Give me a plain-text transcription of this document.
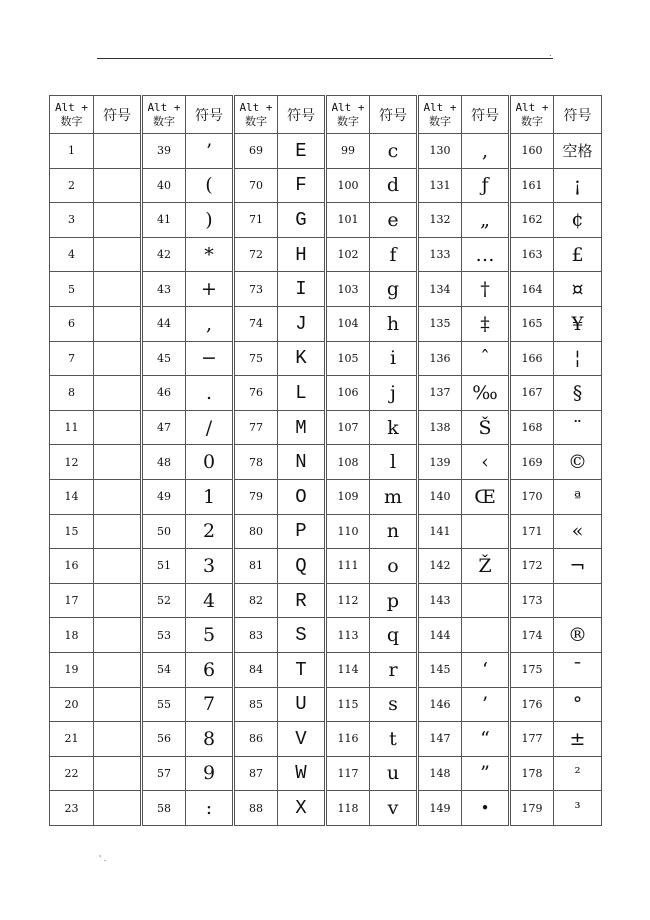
.
Alt +
数字	符号	Alt +
数字	符号	Alt +
数字	符号	Alt +
数字	符号	Alt +
数字	符号	Alt +
数字	符号
1		39	’	69	E	99	c	130	,	160	空格
2		40	(	70	F	100	d	131	ƒ	161	¡
3		41	)	71	G	101	e	132	„	162	¢
4		42	*	72	H	102	f	133	…	163	£
5		43	+	73	I	103	g	134	†	164	¤
6		44	,	74	J	104	h	135	‡	165	¥
7		45	−	75	K	105	i	136	ˆ	166	¦
8		46	.	76	L	106	j	137	‰	167	§
11		47	/	77	M	107	k	138	Š	168	¨
12		48	0	78	N	108	l	139	‹	169	©
14		49	1	79	O	109	m	140	Œ	170	ª
15		50	2	80	P	110	n	141		171	«
16		51	3	81	Q	111	o	142	Ž	172	¬
17		52	4	82	R	112	p	143		173	
18		53	5	83	S	113	q	144		174	®
19		54	6	84	T	114	r	145	‘	175	¯
20		55	7	85	U	115	s	146	’	176	°
21		56	8	86	V	116	t	147	“	177	±
22		57	9	87	W	117	u	148	”	178	²
23		58	:	88	X	118	v	149	•	179	³
' .
